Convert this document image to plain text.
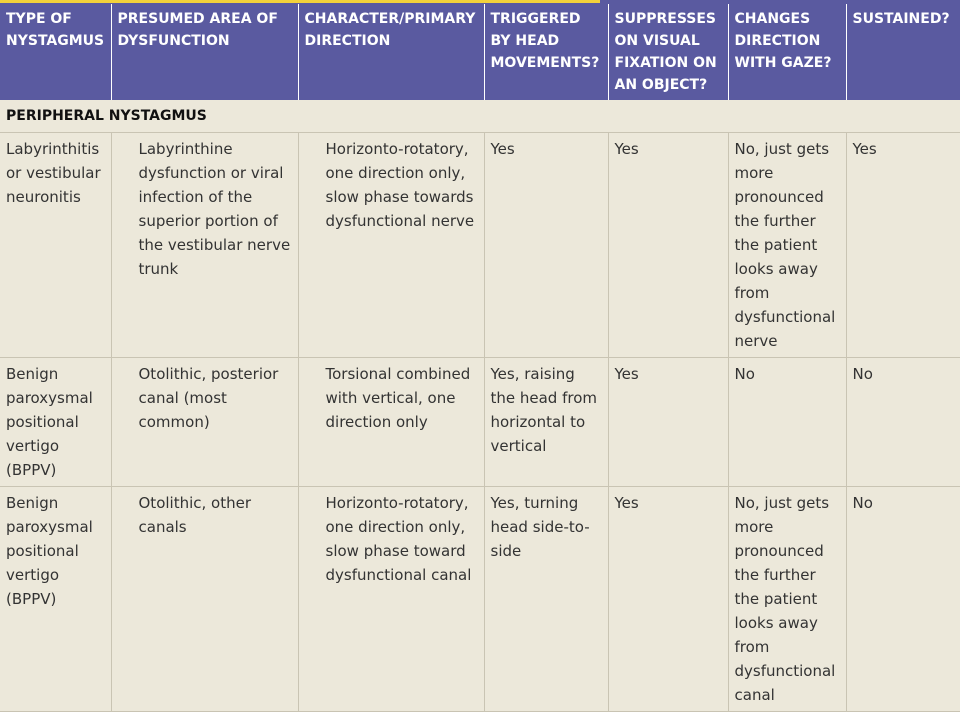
TYPE OF NYSTAGMUS	PRESUMED AREA OF DYSFUNCTION	CHARACTER/PRIMARY DIRECTION	TRIGGERED BY HEAD MOVEMENTS?	SUPPRESSES ON VISUAL FIXATION ON AN OBJECT?	CHANGES DIRECTION WITH GAZE?	SUSTAINED?
PERIPHERAL NYSTAGMUS						
Labyrinthitis or vestibular neuronitis	Labyrinthine dysfunction or viral infection of the superior portion of the vestibular nerve trunk	Horizonto-rotatory, one direction only, slow phase towards dysfunctional nerve	Yes	Yes	No, just gets more pronounced the further the patient looks away from dysfunctional nerve	Yes
Benign paroxysmal positional vertigo (BPPV)	Otolithic, posterior canal (most common)	Torsional combined with vertical, one direction only	Yes, raising the head from horizontal to vertical	Yes	No	No
Benign paroxysmal positional vertigo (BPPV)	Otolithic, other canals	Horizonto-rotatory, one direction only, slow phase toward dysfunctional canal	Yes, turning head side-to-side	Yes	No, just gets more pronounced the further the patient looks away from dysfunctional canal	No
